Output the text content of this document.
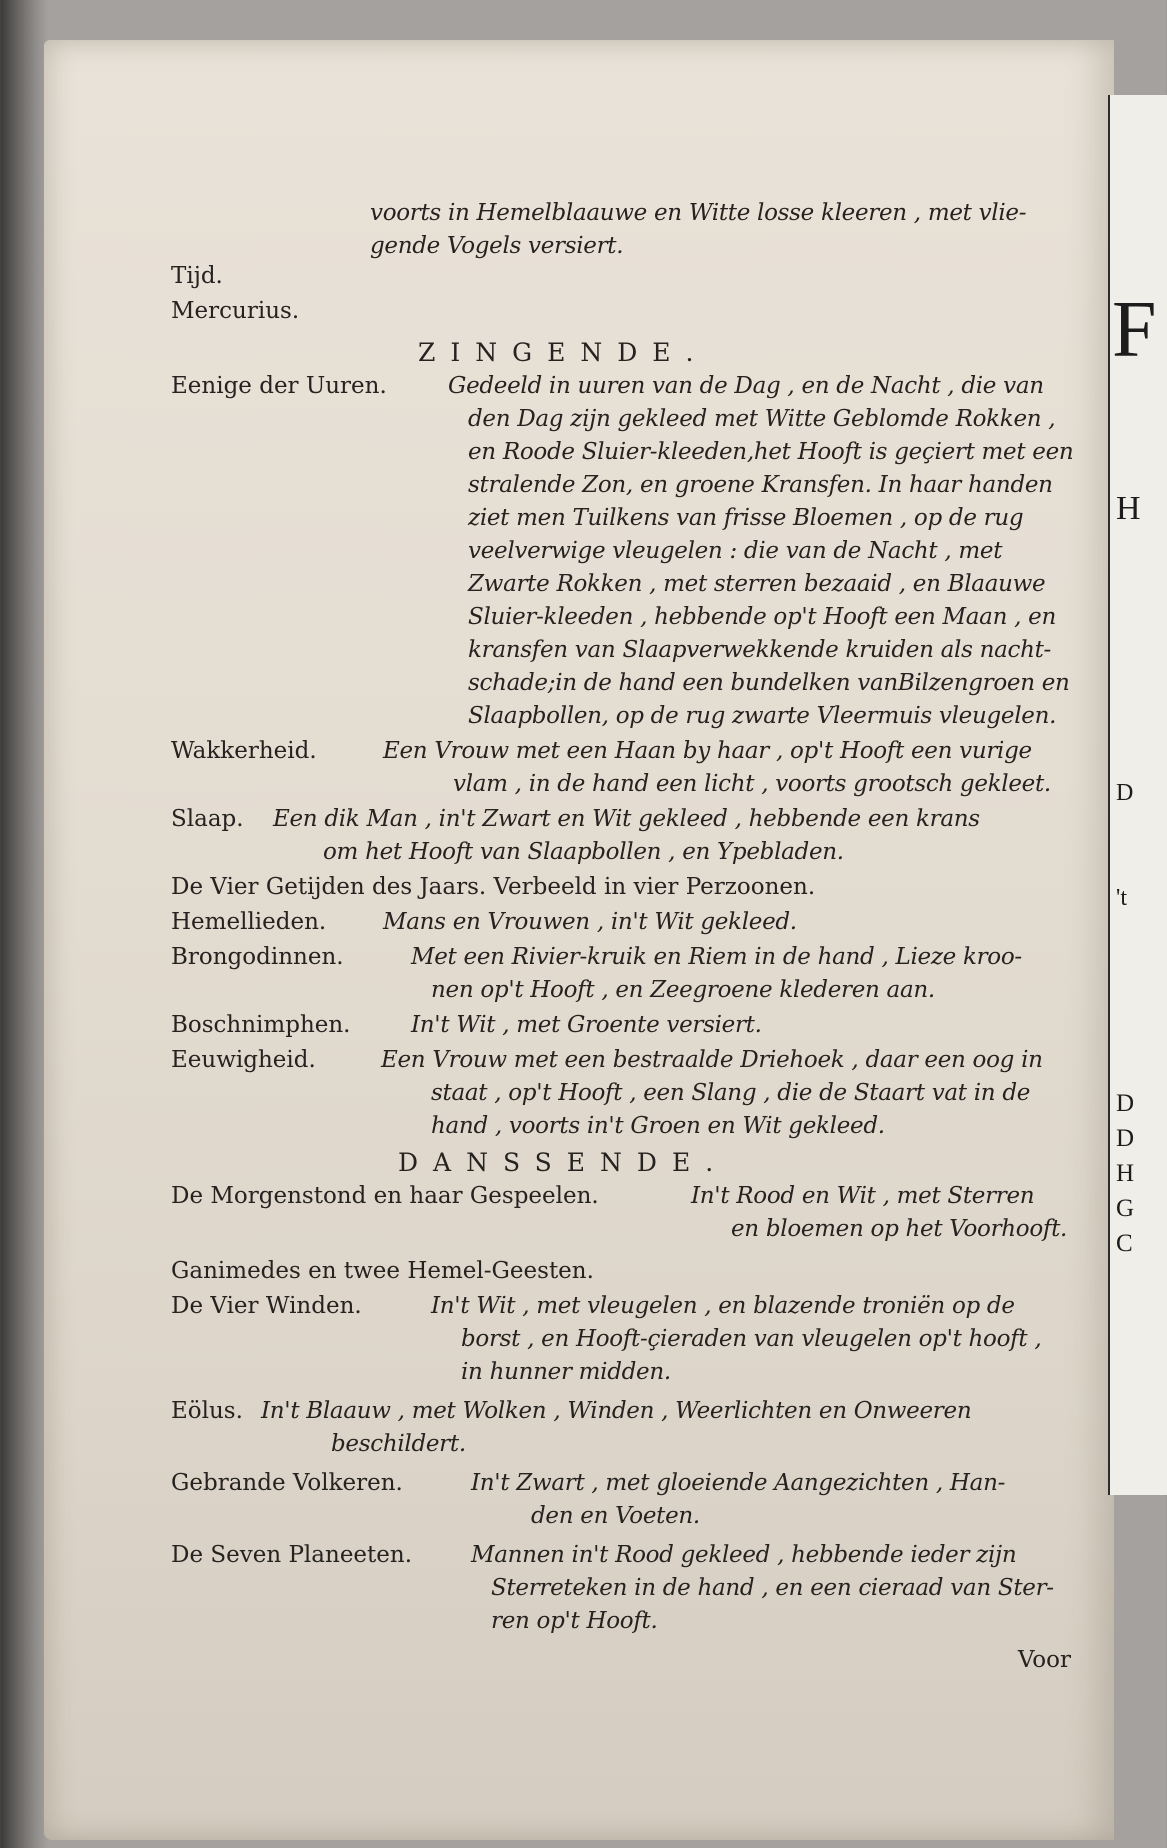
F
H
D
't
D
D
H
G
C
voorts in Hemelblaauwe en Witte losse kleeren , met vlie-
gende Vogels versiert.
Tijd.
Mercurius.
ZINGENDE.
Eenige der Uuren.	Gedeeld in uuren van de Dag , en de Nacht , die van
den Dag zijn gekleed met Witte Geblomde Rokken ,
en Roode Sluier-kleeden,het Hooft is geçiert met een
stralende Zon, en groene Kransfen. In haar handen
ziet men Tuilkens van frisse Bloemen , op de rug
veelverwige vleugelen : die van de Nacht , met
Zwarte Rokken , met sterren bezaaid , en Blaauwe
Sluier-kleeden , hebbende op't Hooft een Maan , en
kransfen van Slaapverwekkende kruiden als nacht-
schade;in de hand een bundelken vanBilzengroen en
Slaapbollen, op de rug zwarte Vleermuis vleugelen.
Wakkerheid.	Een Vrouw met een Haan by haar , op't Hooft een vurige
vlam , in de hand een licht , voorts grootsch gekleet.
Slaap. Een dik Man , in't Zwart en Wit gekleed , hebbende een krans
om het Hooft van Slaapbollen , en Ypebladen.
De Vier Getijden des Jaars. Verbeeld in vier Perzoonen.
Hemellieden. Mans en Vrouwen , in't Wit gekleed.
Brongodinnen.	Met een Rivier-kruik en Riem in de hand , Lieze kroo-
nen op't Hooft , en Zeegroene klederen aan.
Boschnimphen.	In't Wit , met Groente versiert.
Eeuwigheid.	Een Vrouw met een bestraalde Driehoek , daar een oog in
staat , op't Hooft , een Slang , die de Staart vat in de
hand , voorts in't Groen en Wit gekleed.
DANSSENDE.
De Morgenstond en haar Gespeelen.	In't Rood en Wit , met Sterren
en bloemen op het Voorhooft.
Ganimedes en twee Hemel-Geesten.
De Vier Winden.	In't Wit , met vleugelen , en blazende troniën op de
borst , en Hooft-çieraden van vleugelen op't hooft ,
in hunner midden.
Eölus. In't Blaauw , met Wolken , Winden , Weerlichten en Onweeren
beschildert.
Gebrande Volkeren.	In't Zwart , met gloeiende Aangezichten , Han-
den en Voeten.
De Seven Planeeten.	Mannen in't Rood gekleed , hebbende ieder zijn
Sterreteken in de hand , en een cieraad van Ster-
ren op't Hooft.
Voor
